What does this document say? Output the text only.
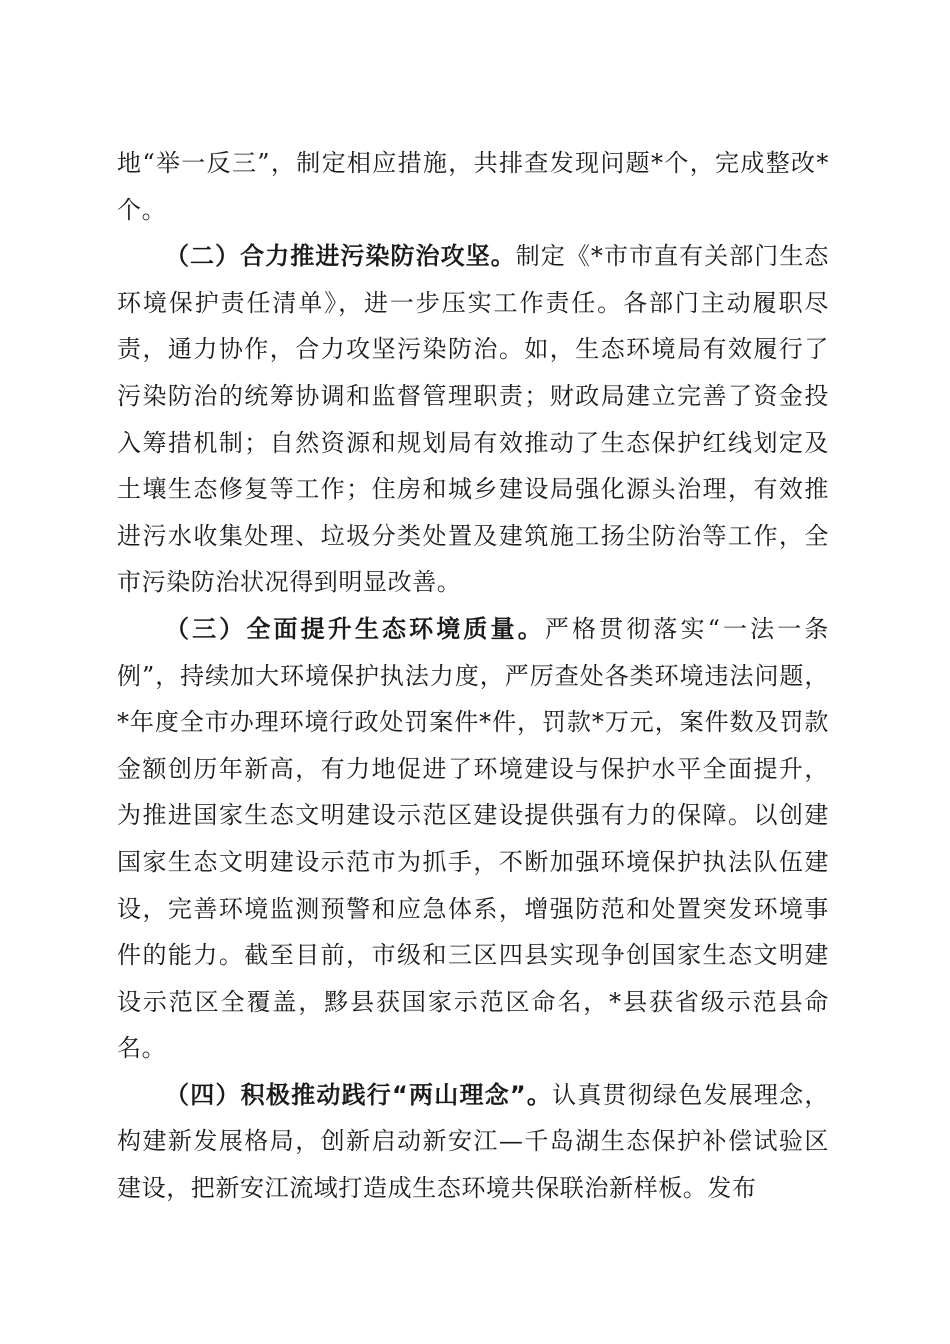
地“举一反三”，制定相应措施，共排查发现问题*个，完成整改*个。

（二）合力推进污染防治攻坚。制定《*市市直有关部门生态环境保护责任清单》，进一步压实工作责任。各部门主动履职尽责，通力协作，合力攻坚污染防治。如，生态环境局有效履行了污染防治的统筹协调和监督管理职责；财政局建立完善了资金投入筹措机制；自然资源和规划局有效推动了生态保护红线划定及土壤生态修复等工作；住房和城乡建设局强化源头治理，有效推进污水收集处理、垃圾分类处置及建筑施工扬尘防治等工作，全市污染防治状况得到明显改善。

（三）全面提升生态环境质量。严格贯彻落实“一法一条例”，持续加大环境保护执法力度，严厉查处各类环境违法问题，*年度全市办理环境行政处罚案件*件，罚款*万元，案件数及罚款金额创历年新高，有力地促进了环境建设与保护水平全面提升，为推进国家生态文明建设示范区建设提供强有力的保障。以创建国家生态文明建设示范市为抓手，不断加强环境保护执法队伍建设，完善环境监测预警和应急体系，增强防范和处置突发环境事件的能力。截至目前，市级和三区四县实现争创国家生态文明建设示范区全覆盖，黟县获国家示范区命名，*县获省级示范县命名。

（四）积极推动践行“两山理念”。认真贯彻绿色发展理念，构建新发展格局，创新启动新安江—千岛湖生态保护补偿试验区建设，把新安江流域打造成生态环境共保联治新样板。发布
